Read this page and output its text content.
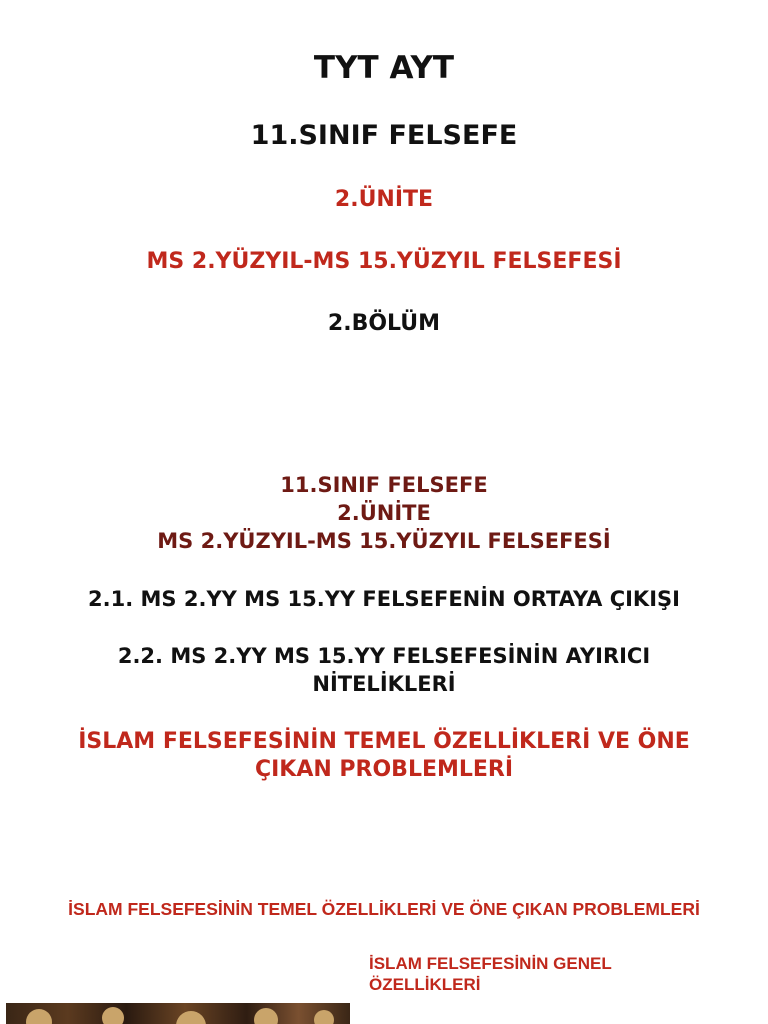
TYT AYT

11.SINIF FELSEFE

2.ÜNİTE

MS 2.YÜZYIL-MS 15.YÜZYIL FELSEFESİ

2.BÖLÜM

11.SINIF FELSEFE

2.ÜNİTE

MS 2.YÜZYIL-MS 15.YÜZYIL FELSEFESİ

2.1. MS 2.YY MS 15.YY FELSEFENİN ORTAYA ÇIKIŞI

2.2. MS 2.YY MS 15.YY FELSEFESİNİN AYIRICI

NİTELİKLERİ

İSLAM FELSEFESİNİN TEMEL ÖZELLİKLERİ VE ÖNE

ÇIKAN PROBLEMLERİ

İSLAM FELSEFESİNİN TEMEL ÖZELLİKLERİ VE ÖNE ÇIKAN PROBLEMLERİ

İSLAM FELSEFESİNİN GENEL ÖZELLİKLERİ
